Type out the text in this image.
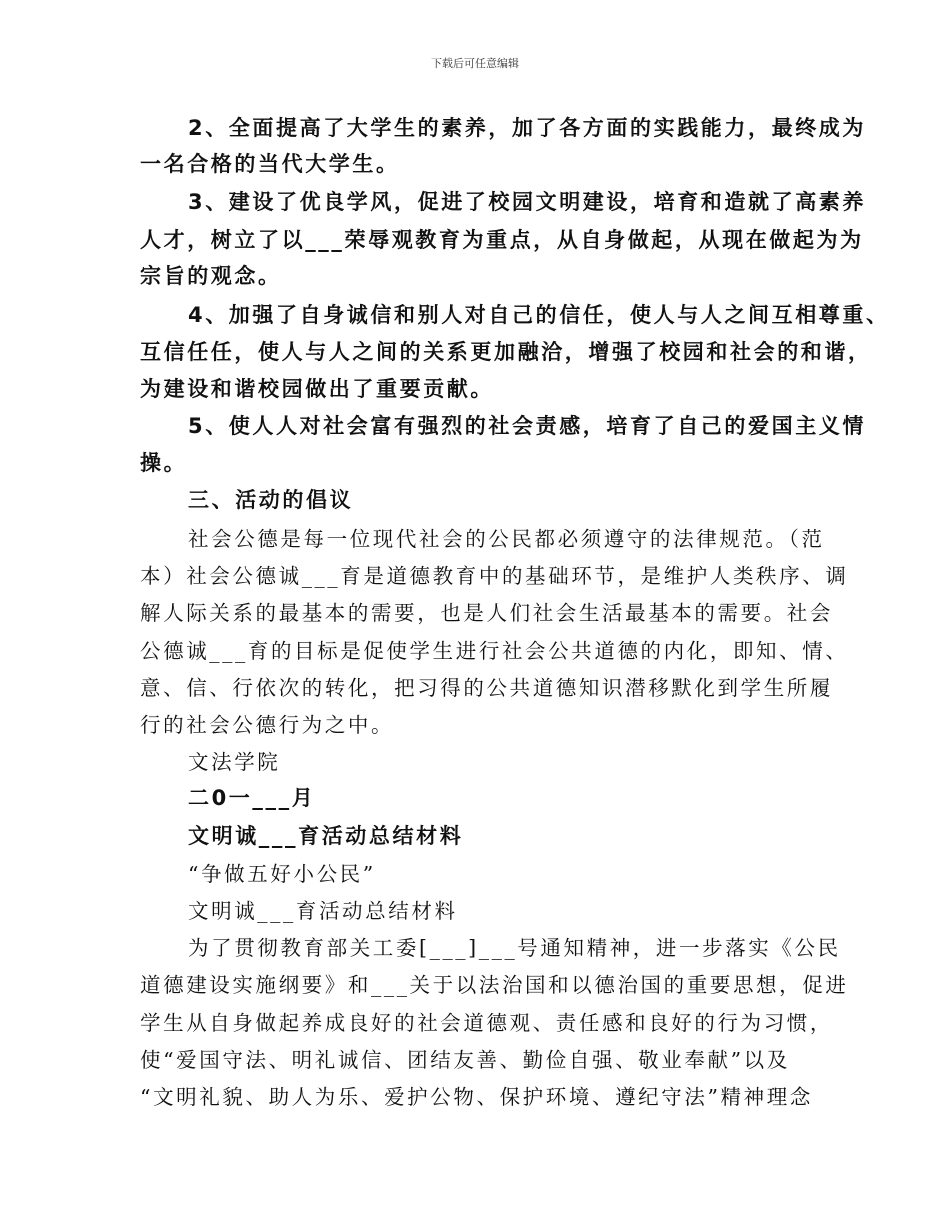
下载后可任意编辑
2、全面提高了大学生的素养，加了各方面的实践能力，最终成为
一名合格的当代大学生。
3、建设了优良学风，促进了校园文明建设，培育和造就了高素养
人才，树立了以___荣辱观教育为重点，从自身做起，从现在做起为为
宗旨的观念。
4、加强了自身诚信和别人对自己的信任，使人与人之间互相尊重、
互信任任，使人与人之间的关系更加融洽，增强了校园和社会的和谐，
为建设和谐校园做出了重要贡献。
5、使人人对社会富有强烈的社会责感，培育了自己的爱国主义情
操。
三、活动的倡议
社会公德是每一位现代社会的公民都必须遵守的法律规范。（范
本）社会公德诚___育是道德教育中的基础环节，是维护人类秩序、调
解人际关系的最基本的需要，也是人们社会生活最基本的需要。社会
公德诚___育的目标是促使学生进行社会公共道德的内化，即知、情、
意、信、行依次的转化，把习得的公共道德知识潜移默化到学生所履
行的社会公德行为之中。
文法学院
二0一___月
文明诚___育活动总结材料
“争做五好小公民”
文明诚___育活动总结材料
为了贯彻教育部关工委[___]___号通知精神，进一步落实《公民
道德建设实施纲要》和___关于以法治国和以德治国的重要思想，促进
学生从自身做起养成良好的社会道德观、责任感和良好的行为习惯，
使“爱国守法、明礼诚信、团结友善、勤俭自强、敬业奉献”以及
“文明礼貌、助人为乐、爱护公物、保护环境、遵纪守法”精神理念
